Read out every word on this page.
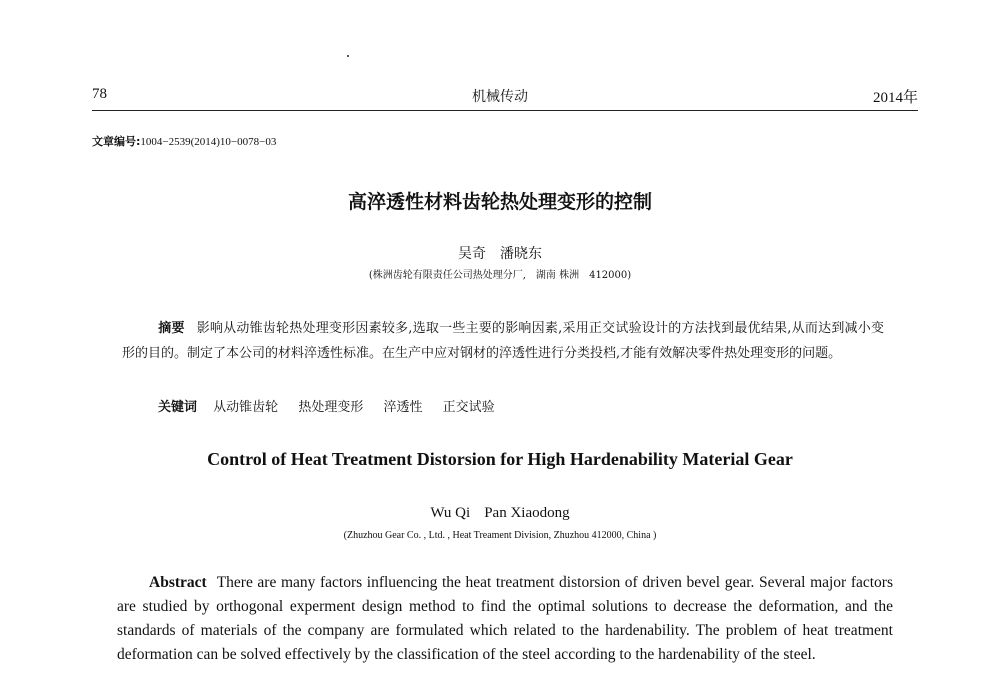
78	机械传动	2014年
文章编号:1004−2539(2014)10−0078−03
高淬透性材料齿轮热处理变形的控制
吴奇　潘晓东
(株洲齿轮有限责任公司热处理分厂,　湖南 株洲　412000)
摘要 影响从动锥齿轮热处理变形因素较多,选取一些主要的影响因素,采用正交试验设计的方法找到最优结果,从而达到减小变形的目的。制定了本公司的材料淬透性标准。在生产中应对钢材的淬透性进行分类投档,才能有效解决零件热处理变形的问题。
关键词 从动锥齿轮 热处理变形 淬透性 正交试验
Control of Heat Treatment Distorsion for High Hardenability Material Gear
Wu Qi Pan Xiaodong
(Zhuzhou Gear Co. , Ltd. , Heat Treament Division, Zhuzhou 412000, China )
Abstract There are many factors influencing the heat treatment distorsion of driven bevel gear. Several major factors are studied by orthogonal experment design method to find the optimal solutions to decrease the deformation, and the standards of materials of the company are formulated which related to the hardenability. The problem of heat treatment deformation can be solved effectively by the classification of the steel according to the hardenability of the steel.
